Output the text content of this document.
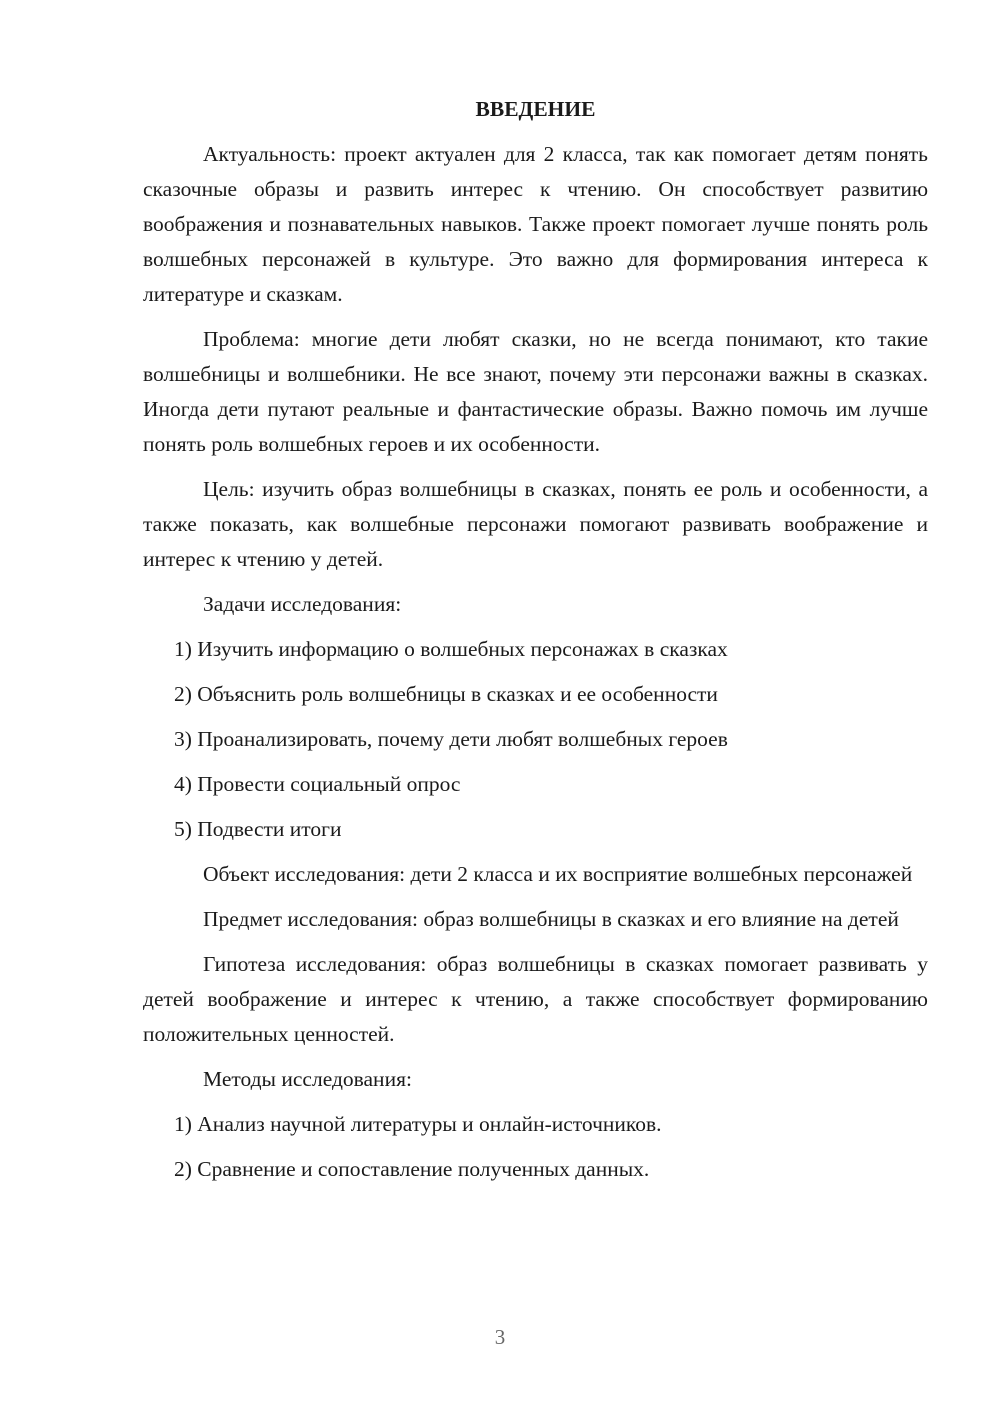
ВВЕДЕНИЕ

Актуальность: проект актуален для 2 класса, так как помогает детям понять сказочные образы и развить интерес к чтению. Он способствует развитию воображения и познавательных навыков. Также проект помогает лучше понять роль волшебных персонажей в культуре. Это важно для формирования интереса к литературе и сказкам.

Проблема: многие дети любят сказки, но не всегда понимают, кто такие волшебницы и волшебники. Не все знают, почему эти персонажи важны в сказках. Иногда дети путают реальные и фантастические образы. Важно помочь им лучше понять роль волшебных героев и их особенности.

Цель: изучить образ волшебницы в сказках, понять ее роль и особенности, а также показать, как волшебные персонажи помогают развивать воображение и интерес к чтению у детей.

Задачи исследования:

1) Изучить информацию о волшебных персонажах в сказках
2) Объяснить роль волшебницы в сказках и ее особенности
3) Проанализировать, почему дети любят волшебных героев
4) Провести социальный опрос
5) Подвести итоги

Объект исследования: дети 2 класса и их восприятие волшебных персонажей

Предмет исследования: образ волшебницы в сказках и его влияние на детей

Гипотеза исследования: образ волшебницы в сказках помогает развивать у детей воображение и интерес к чтению, а также способствует формированию положительных ценностей.

Методы исследования:

1) Анализ научной литературы и онлайн-источников.
2) Сравнение и сопоставление полученных данных.
3
